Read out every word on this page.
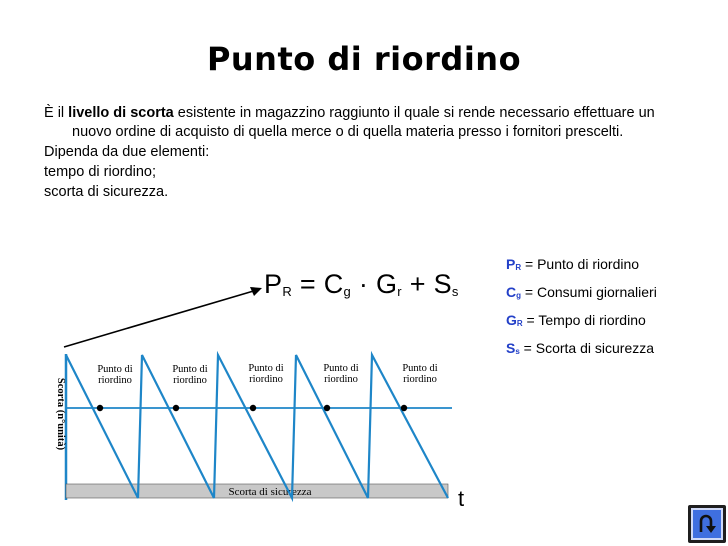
Punto di riordino

È il livello di scorta esistente in magazzino raggiunto il quale si rende necessario effettuare un nuovo ordine di acquisto di quella merce o di quella materia presso i fornitori prescelti.

Dipenda da due elementi:

tempo di riordino;

scorta di sicurezza.

$P_R$ = Punto di riordino
$C_g$ = Consumi giornalieri
$G_R$ = Tempo di riordino
$S_s$ = Scorta di sicurezza
$P_R = C_g \cdot G_r + S_s$
Scorta di sicurezza
Punto di
riordino
Punto di
riordino
Punto di
riordino
Punto di
riordino
Punto di
riordino
Scorta (n°unità)
t
